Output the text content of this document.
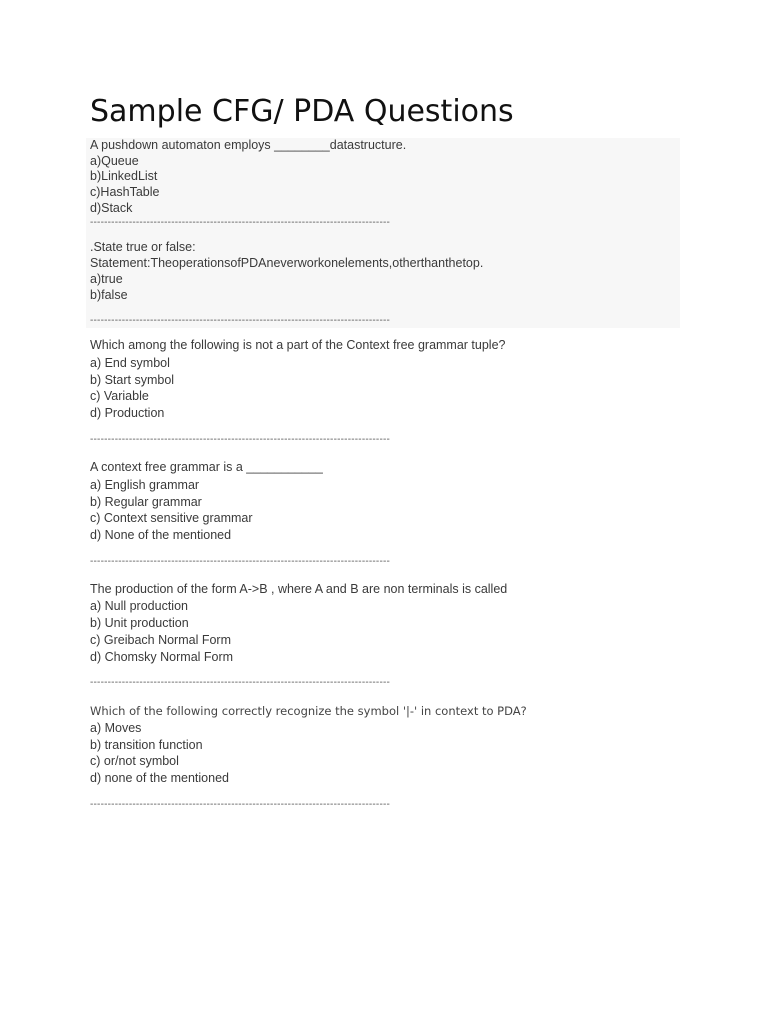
Sample CFG/ PDA Questions
A pushdown automaton employs ________datastructure.
a)Queue
b)LinkedList
c)HashTable
d)Stack
-------------------------------------------------------------------------------------
.State true or false:
Statement:TheoperationsofPDAneverworkonelements,otherthanthetop.
a)true
b)false
-------------------------------------------------------------------------------------
Which among the following is not a part of the Context free grammar tuple?
a) End symbol
b) Start symbol
c) Variable
d) Production
-------------------------------------------------------------------------------------
A context free grammar is a ___________
a) English grammar
b) Regular grammar
c) Context sensitive grammar
d) None of the mentioned
-------------------------------------------------------------------------------------
The production of the form A->B , where A and B are non terminals is called
a) Null production
b) Unit production
c) Greibach Normal Form
d) Chomsky Normal Form
-------------------------------------------------------------------------------------
Which of the following correctly recognize the symbol '|-' in context to PDA?
a) Moves
b) transition function
c) or/not symbol
d) none of the mentioned
-------------------------------------------------------------------------------------
